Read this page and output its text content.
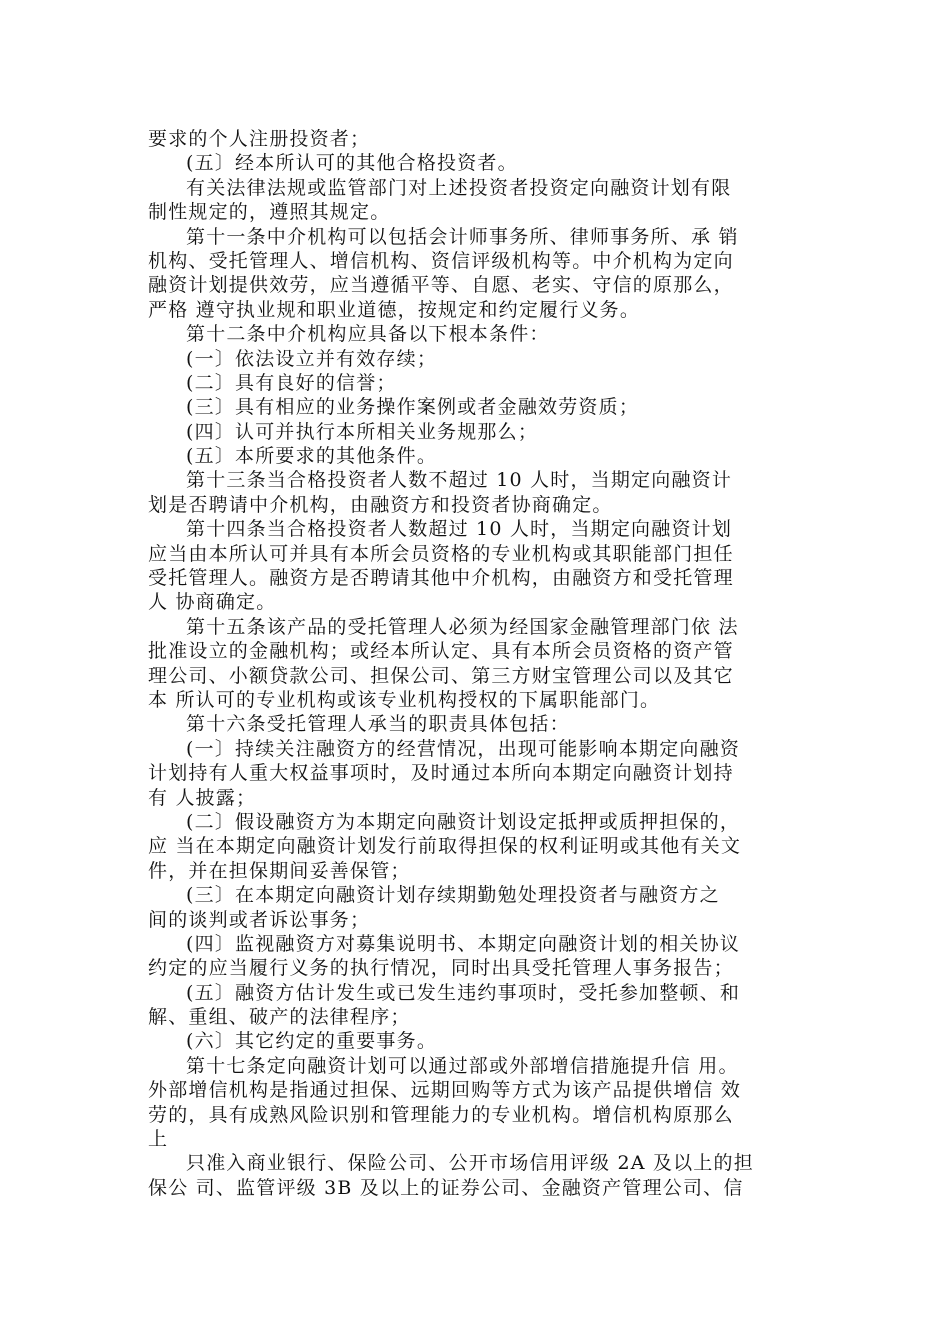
要求的个人注册投资者；
(五〕经本所认可的其他合格投资者。
有关法律法规或监管部门对上述投资者投资定向融资计划有限
制性规定的，遵照其规定。
第十一条中介机构可以包括会计师事务所、律师事务所、承 销
机构、受托管理人、增信机构、资信评级机构等。中介机构为定向
融资计划提供效劳，应当遵循平等、自愿、老实、守信的原那么，
严格 遵守执业规和职业道德，按规定和约定履行义务。
第十二条中介机构应具备以下根本条件：
(一〕依法设立并有效存续；
(二〕具有良好的信誉；
(三〕具有相应的业务操作案例或者金融效劳资质；
(四〕认可并执行本所相关业务规那么；
(五〕本所要求的其他条件。
第十三条当合格投资者人数不超过 10 人时，当期定向融资计
划是否聘请中介机构，由融资方和投资者协商确定。
第十四条当合格投资者人数超过 10 人时，当期定向融资计划
应当由本所认可并具有本所会员资格的专业机构或其职能部门担任
受托管理人。融资方是否聘请其他中介机构，由融资方和受托管理
人 协商确定。
第十五条该产品的受托管理人必须为经国家金融管理部门依 法
批准设立的金融机构；或经本所认定、具有本所会员资格的资产管
理公司、小额贷款公司、担保公司、第三方财宝管理公司以及其它
本 所认可的专业机构或该专业机构授权的下属职能部门。
第十六条受托管理人承当的职责具体包括：
(一〕持续关注融资方的经营情况，出现可能影响本期定向融资
计划持有人重大权益事项时，及时通过本所向本期定向融资计划持
有 人披露；
(二〕假设融资方为本期定向融资计划设定抵押或质押担保的，
应 当在本期定向融资计划发行前取得担保的权利证明或其他有关文
件，并在担保期间妥善保管；
(三〕在本期定向融资计划存续期勤勉处理投资者与融资方之
间的谈判或者诉讼事务；
(四〕监视融资方对募集说明书、本期定向融资计划的相关协议
约定的应当履行义务的执行情况，同时出具受托管理人事务报告；
(五〕融资方估计发生或已发生违约事项时，受托参加整顿、和
解、重组、破产的法律程序；
(六〕其它约定的重要事务。
第十七条定向融资计划可以通过部或外部增信措施提升信 用。
外部增信机构是指通过担保、远期回购等方式为该产品提供增信 效
劳的，具有成熟风险识别和管理能力的专业机构。增信机构原那么
上
只准入商业银行、保险公司、公开市场信用评级 2A 及以上的担
保公 司、监管评级 3B 及以上的证券公司、金融资产管理公司、信
